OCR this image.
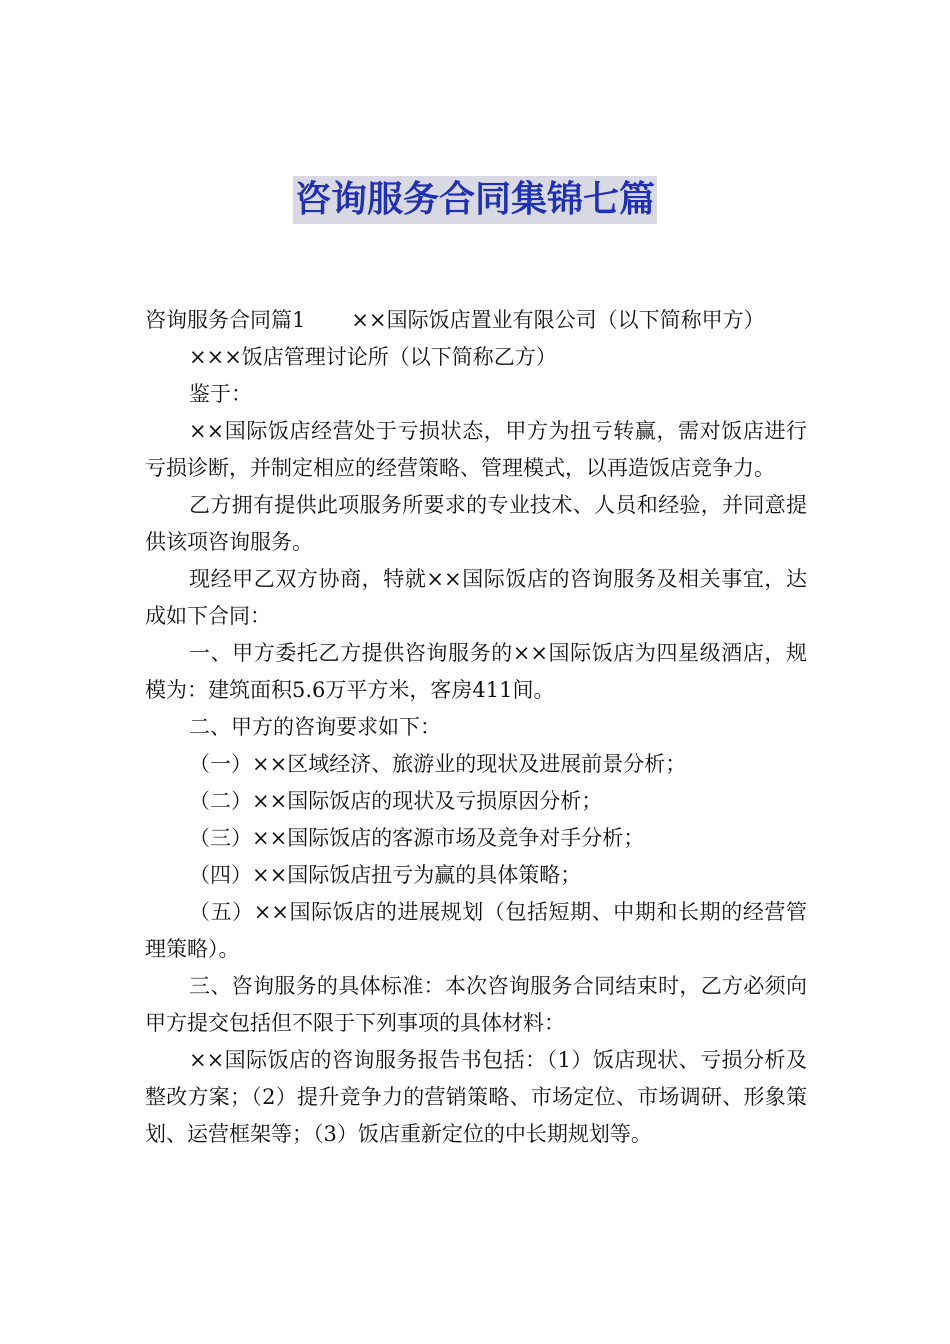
咨询服务合同集锦七篇

咨询服务合同篇1 ××国际饭店置业有限公司（以下简称甲方）

×××饭店管理讨论所（以下简称乙方）

鉴于：

××国际饭店经营处于亏损状态，甲方为扭亏转赢，需对饭店进行亏损诊断，并制定相应的经营策略、管理模式，以再造饭店竞争力。

乙方拥有提供此项服务所要求的专业技术、人员和经验，并同意提供该项咨询服务。

现经甲乙双方协商，特就××国际饭店的咨询服务及相关事宜，达成如下合同：

一、甲方委托乙方提供咨询服务的××国际饭店为四星级酒店，规模为：建筑面积5.6万平方米，客房411间。

二、甲方的咨询要求如下：

（一）××区域经济、旅游业的现状及进展前景分析；

（二）××国际饭店的现状及亏损原因分析；

（三）××国际饭店的客源市场及竞争对手分析；

（四）××国际饭店扭亏为赢的具体策略；

（五）××国际饭店的进展规划（包括短期、中期和长期的经营管理策略）。

三、咨询服务的具体标准：本次咨询服务合同结束时，乙方必须向甲方提交包括但不限于下列事项的具体材料：

××国际饭店的咨询服务报告书包括：（1）饭店现状、亏损分析及整改方案；（2）提升竞争力的营销策略、市场定位、市场调研、形象策划、运营框架等；（3）饭店重新定位的中长期规划等。
